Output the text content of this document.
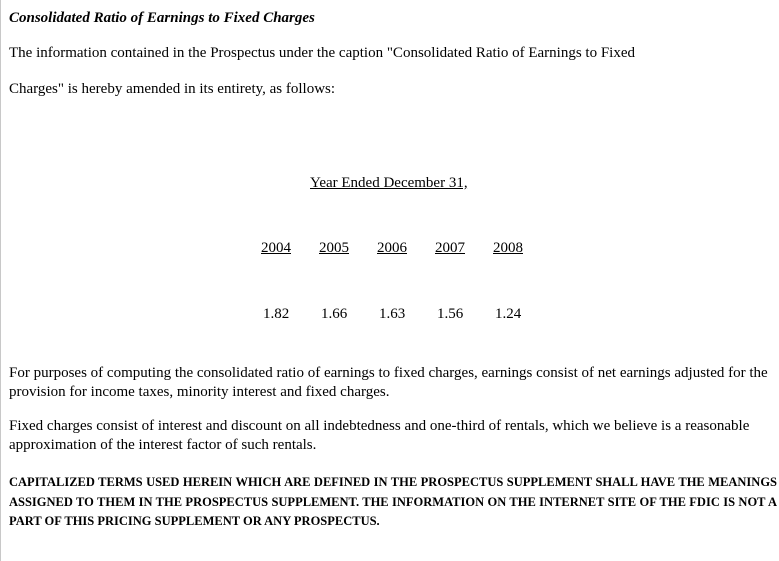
Consolidated Ratio of Earnings to Fixed Charges
The information contained in the Prospectus under the caption "Consolidated Ratio of Earnings to Fixed
Charges" is hereby amended in its entirety, as follows:
Year Ended December 31,
2004 2005 2006 2007 2008
1.82 1.66 1.63 1.56 1.24
For purposes of computing the consolidated ratio of earnings to fixed charges, earnings consist of net earnings adjusted for the provision for income taxes, minority interest and fixed charges.
Fixed charges consist of interest and discount on all indebtedness and one-third of rentals, which we believe is a reasonable approximation of the interest factor of such rentals.
CAPITALIZED TERMS USED HEREIN WHICH ARE DEFINED IN THE PROSPECTUS SUPPLEMENT SHALL HAVE THE MEANINGS ASSIGNED TO THEM IN THE PROSPECTUS SUPPLEMENT. THE INFORMATION ON THE INTERNET SITE OF THE FDIC IS NOT A PART OF THIS PRICING SUPPLEMENT OR ANY PROSPECTUS.
